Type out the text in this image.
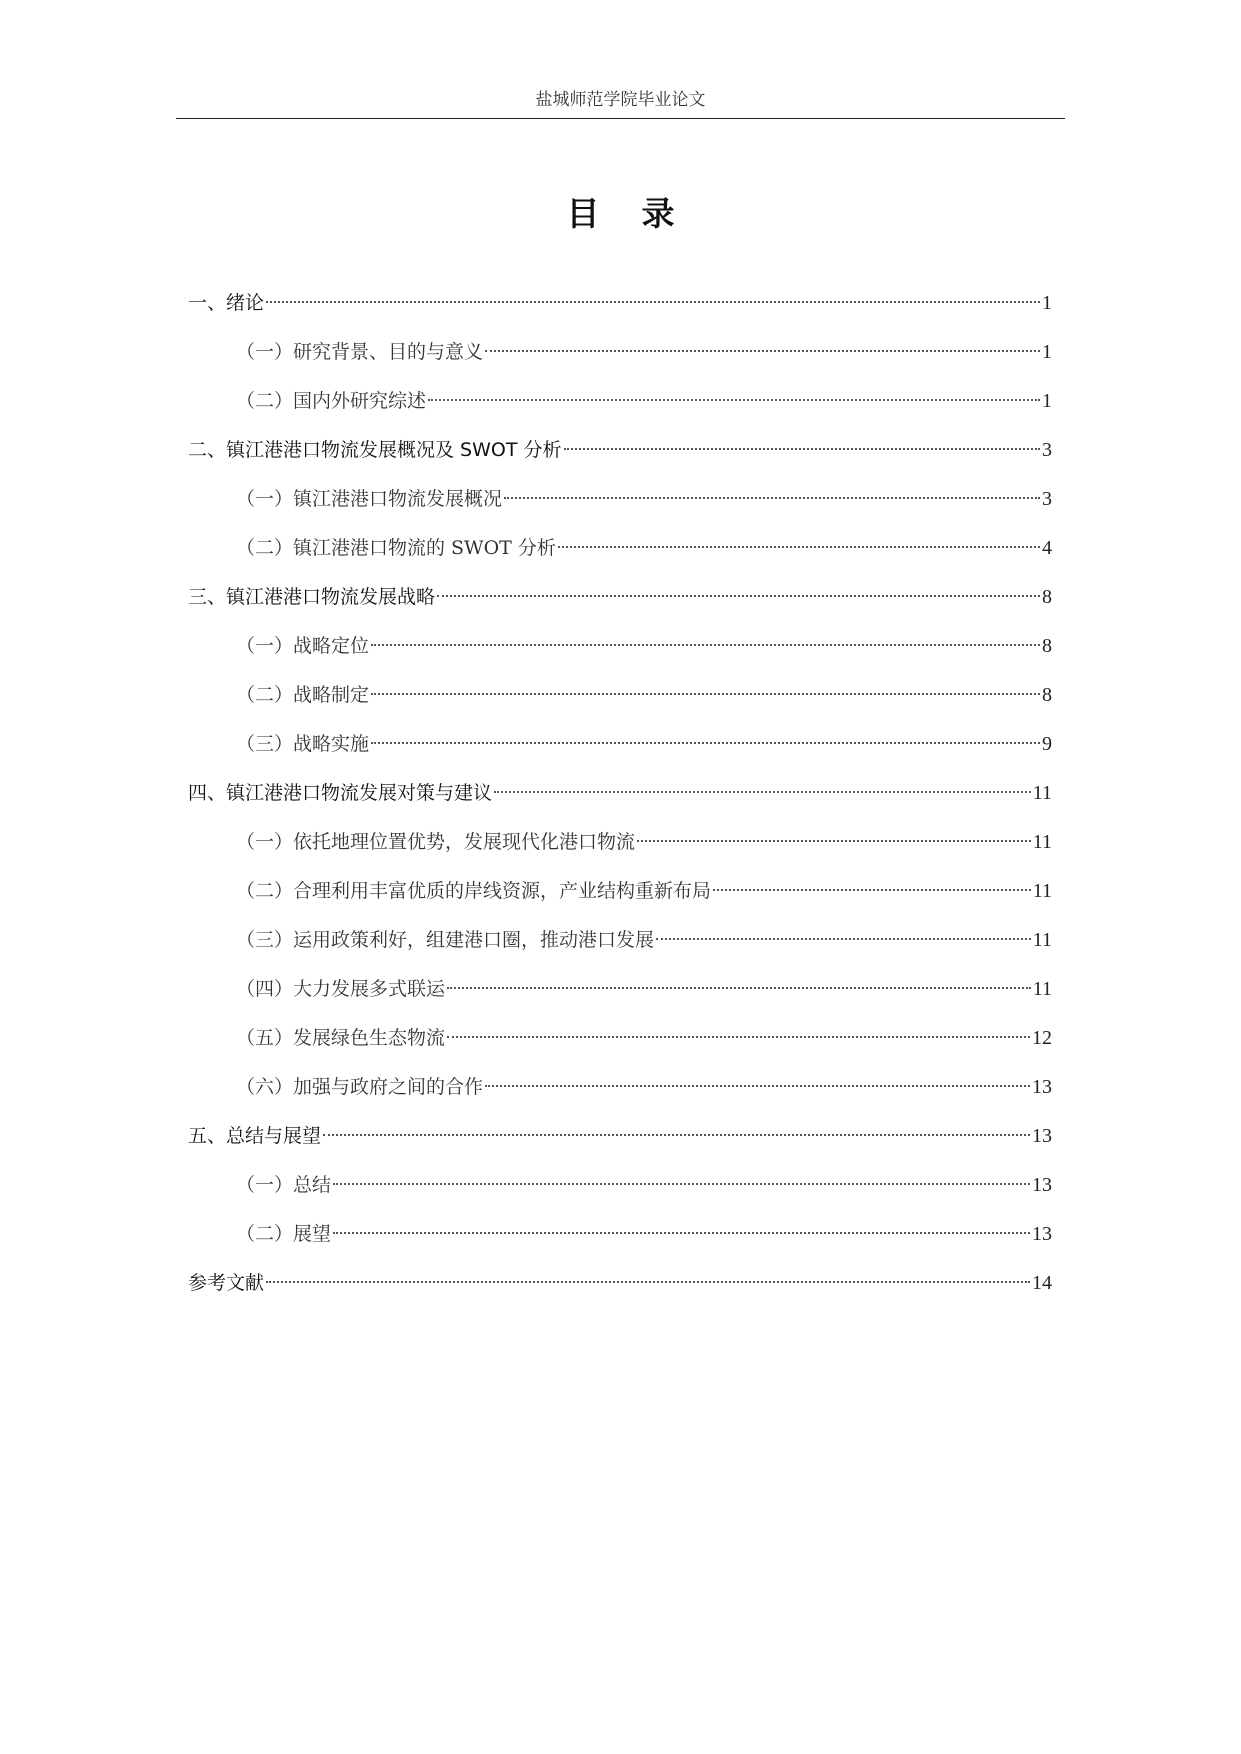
盐城师范学院毕业论文
目录
一、绪论	1
（一）研究背景、目的与意义	1
（二）国内外研究综述	1
二、镇江港港口物流发展概况及 SWOT 分析	3
（一）镇江港港口物流发展概况	3
（二）镇江港港口物流的 SWOT 分析	4
三、镇江港港口物流发展战略	8
（一）战略定位	8
（二）战略制定	8
（三）战略实施	9
四、镇江港港口物流发展对策与建议	11
（一）依托地理位置优势，发展现代化港口物流	11
（二）合理利用丰富优质的岸线资源，产业结构重新布局	11
（三）运用政策利好，组建港口圈，推动港口发展	11
（四）大力发展多式联运	11
（五）发展绿色生态物流	12
（六）加强与政府之间的合作	13
五、总结与展望	13
（一）总结	13
（二）展望	13
参考文献	14
